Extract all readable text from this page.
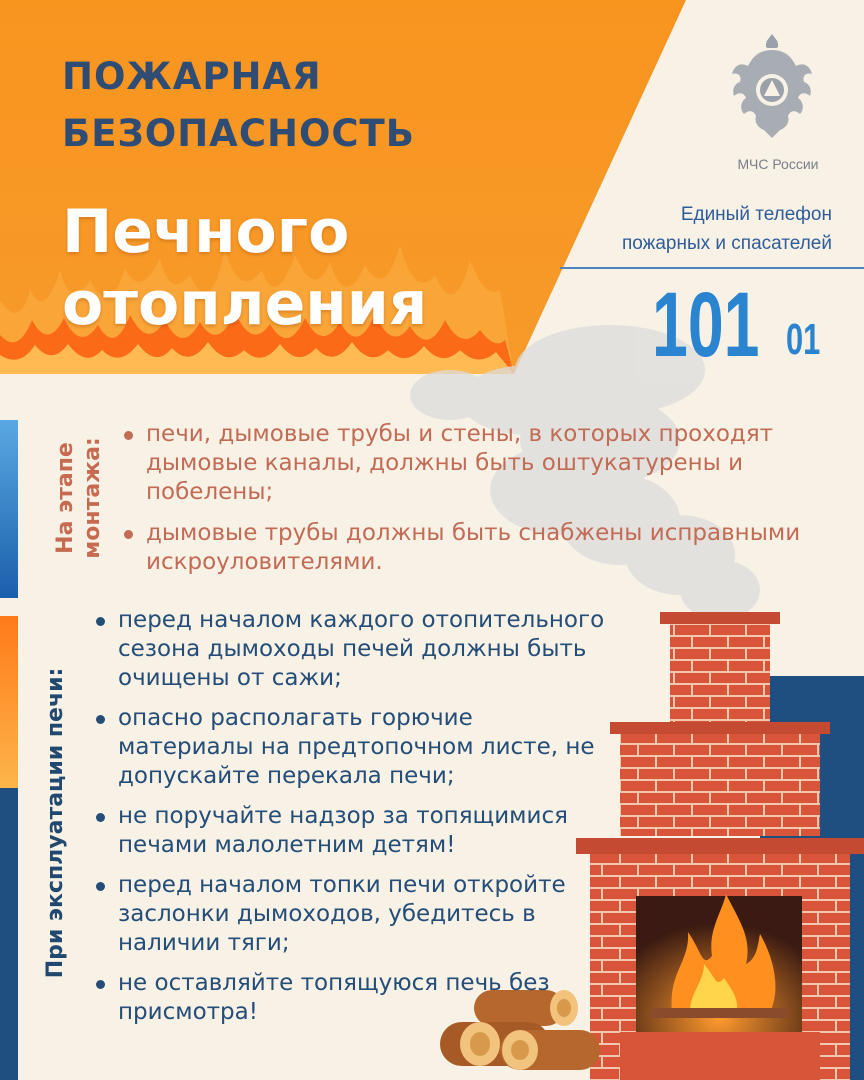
ПОЖАРНАЯ
БЕЗОПАСНОСТЬ
Печного
отопления
МЧС России
Единый телефон
пожарных и спасателей
101 01
На этапе монтажа:
печи, дымовые трубы и стены, в которых проходят дымовые каналы, должны быть оштукатурены и побелены;
дымовые трубы должны быть снабжены исправными искроуловителями.
При эксплуатации печи:
перед началом каждого отопительного сезона дымоходы печей должны быть очищены от сажи;
опасно располагать горючие материалы на предтопочном листе, не допускайте перекала печи;
не поручайте надзор за топящимися печами малолетним детям!
перед началом топки печи откройте заслонки дымоходов, убедитесь в наличии тяги;
не оставляйте топящуюся печь без присмотра!
